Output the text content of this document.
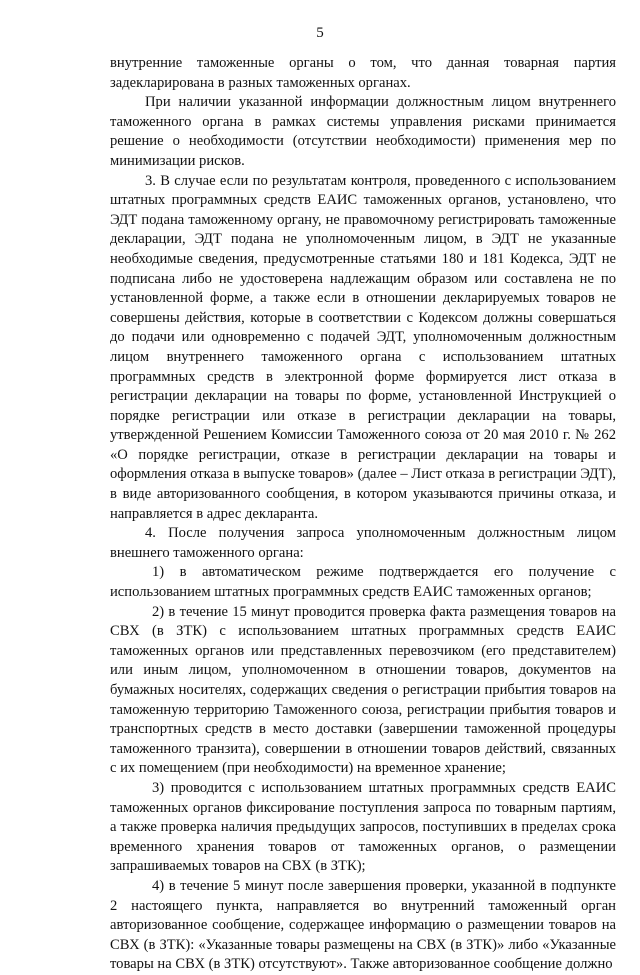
5

внутренние таможенные органы о том, что данная товарная партия задекларирована в разных таможенных органах.

При наличии указанной информации должностным лицом внутреннего таможенного органа в рамках системы управления рисками принимается решение о необходимости (отсутствии необходимости) применения мер по минимизации рисков.

3. В случае если по результатам контроля, проведенного с использованием штатных программных средств ЕАИС таможенных органов, установлено, что ЭДТ подана таможенному органу, не правомочному регистрировать таможенные декларации, ЭДТ подана не уполномоченным лицом, в ЭДТ не указанные необходимые сведения, предусмотренные статьями 180 и 181 Кодекса, ЭДТ не подписана либо не удостоверена надлежащим образом или составлена не по установленной форме, а также если в отношении декларируемых товаров не совершены действия, которые в соответствии с Кодексом должны совершаться до подачи или одновременно с подачей ЭДТ, уполномоченным должностным лицом внутреннего таможенного органа с использованием штатных программных средств в электронной форме формируется лист отказа в регистрации декларации на товары по форме, установленной Инструкцией о порядке регистрации или отказе в регистрации декларации на товары, утвержденной Решением Комиссии Таможенного союза от 20 мая 2010 г. № 262 «О порядке регистрации, отказе в регистрации декларации на товары и оформления отказа в выпуске товаров» (далее – Лист отказа в регистрации ЭДТ), в виде авторизованного сообщения, в котором указываются причины отказа, и направляется в адрес декларанта.

4. После получения запроса уполномоченным должностным лицом внешнего таможенного органа:

1) в автоматическом режиме подтверждается его получение с использованием штатных программных средств ЕАИС таможенных органов;

2) в течение 15 минут проводится проверка факта размещения товаров на СВХ (в ЗТК) с использованием штатных программных средств ЕАИС таможенных органов или представленных перевозчиком (его представителем) или иным лицом, уполномоченном в отношении товаров, документов на бумажных носителях, содержащих сведения о регистрации прибытия товаров на таможенную территорию Таможенного союза, регистрации прибытия товаров и транспортных средств в место доставки (завершении таможенной процедуры таможенного транзита), совершении в отношении товаров действий, связанных с их помещением (при необходимости) на временное хранение;

3) проводится с использованием штатных программных средств ЕАИС таможенных органов фиксирование поступления запроса по товарным партиям, а также проверка наличия предыдущих запросов, поступивших в пределах срока временного хранения товаров от таможенных органов, о размещении запрашиваемых товаров на СВХ (в ЗТК);

4) в течение 5 минут после завершения проверки, указанной в подпункте 2 настоящего пункта, направляется во внутренний таможенный орган авторизованное сообщение, содержащее информацию о размещении товаров на СВХ (в ЗТК): «Указанные товары размещены на СВХ (в ЗТК)» либо «Указанные товары на СВХ (в ЗТК) отсутствуют». Также авторизованное сообщение должно
